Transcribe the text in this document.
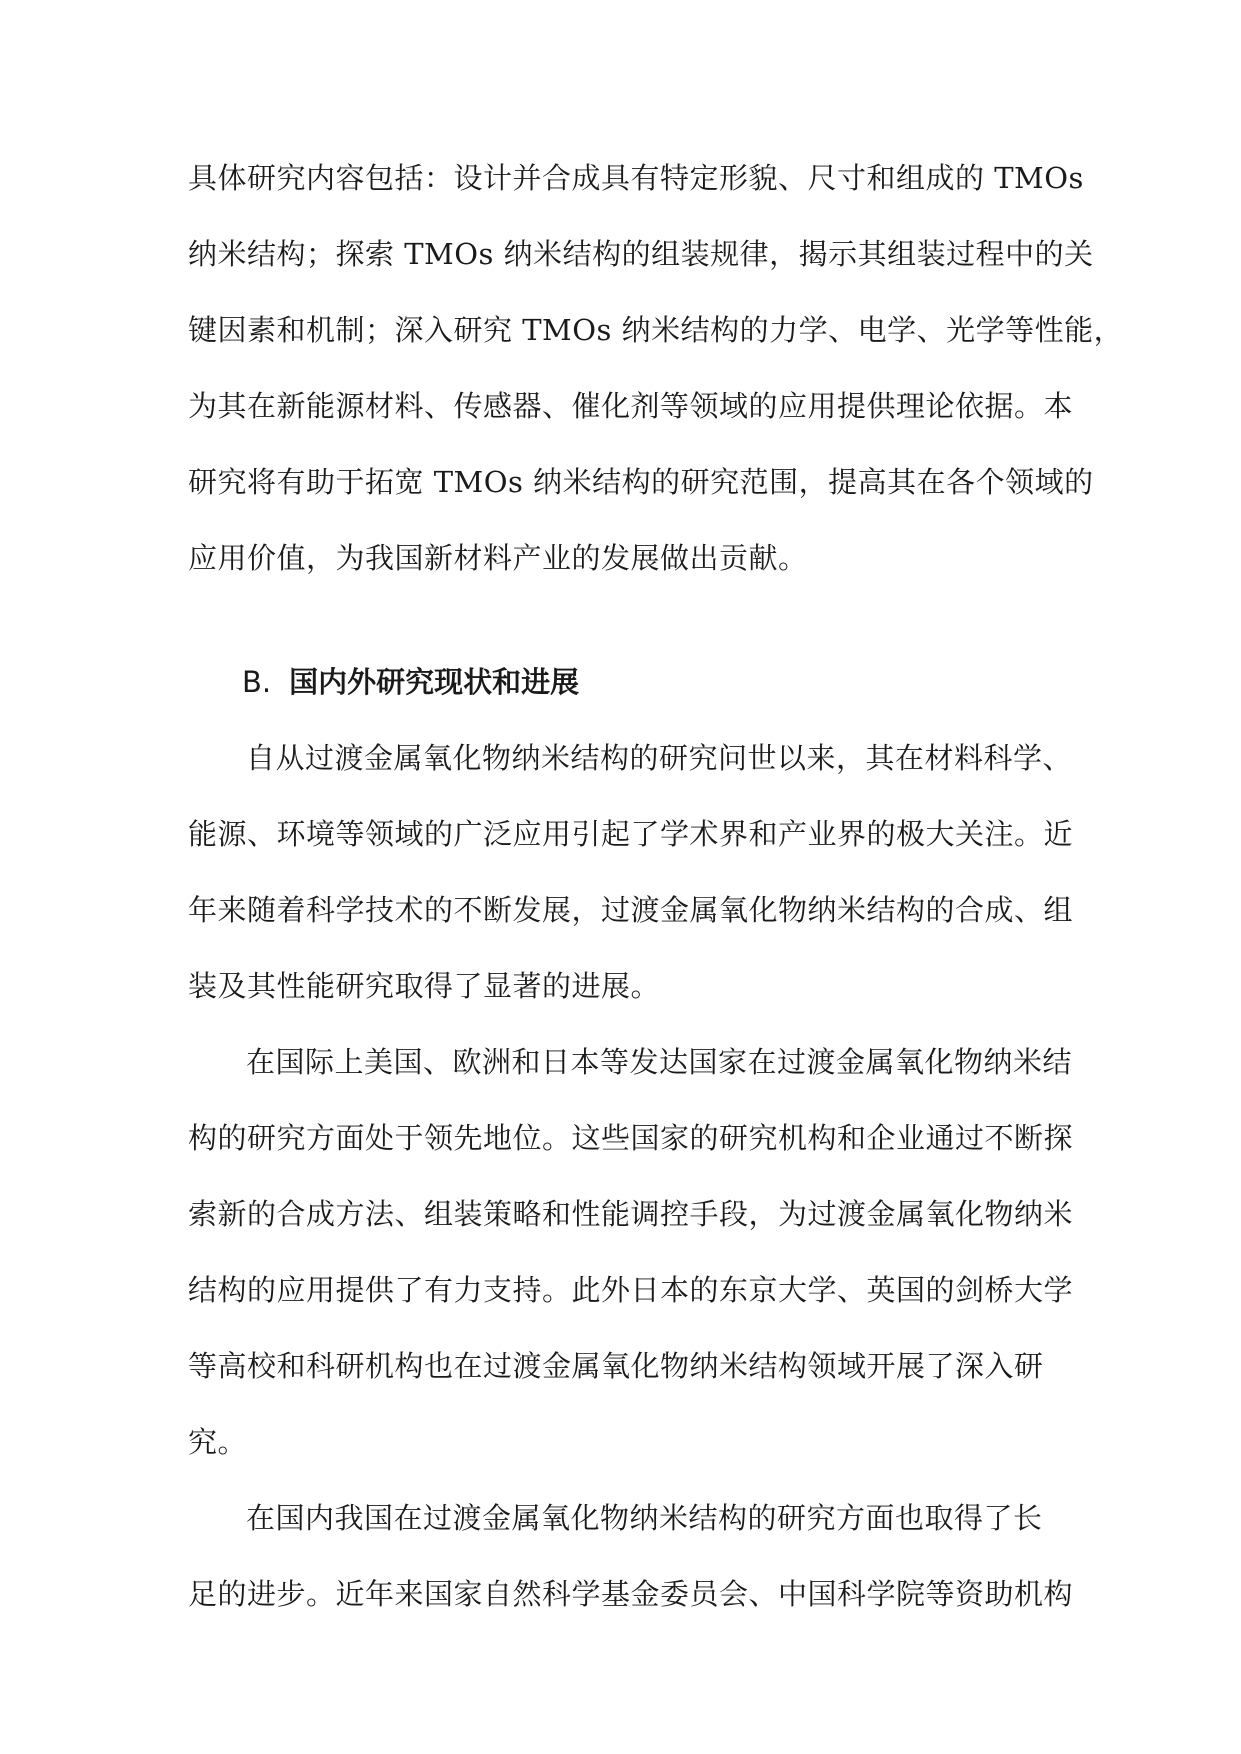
具体研究内容包括：设计并合成具有特定形貌、尺寸和组成的 TMOs
纳米结构；探索 TMOs 纳米结构的组装规律，揭示其组装过程中的关
键因素和机制；深入研究 TMOs 纳米结构的力学、电学、光学等性能，
为其在新能源材料、传感器、催化剂等领域的应用提供理论依据。本
研究将有助于拓宽 TMOs 纳米结构的研究范围，提高其在各个领域的
应用价值，为我国新材料产业的发展做出贡献。
B. 国内外研究现状和进展
自从过渡金属氧化物纳米结构的研究问世以来，其在材料科学、
能源、环境等领域的广泛应用引起了学术界和产业界的极大关注。近
年来随着科学技术的不断发展，过渡金属氧化物纳米结构的合成、组
装及其性能研究取得了显著的进展。
在国际上美国、欧洲和日本等发达国家在过渡金属氧化物纳米结
构的研究方面处于领先地位。这些国家的研究机构和企业通过不断探
索新的合成方法、组装策略和性能调控手段，为过渡金属氧化物纳米
结构的应用提供了有力支持。此外日本的东京大学、英国的剑桥大学
等高校和科研机构也在过渡金属氧化物纳米结构领域开展了深入研
究。
在国内我国在过渡金属氧化物纳米结构的研究方面也取得了长
足的进步。近年来国家自然科学基金委员会、中国科学院等资助机构
